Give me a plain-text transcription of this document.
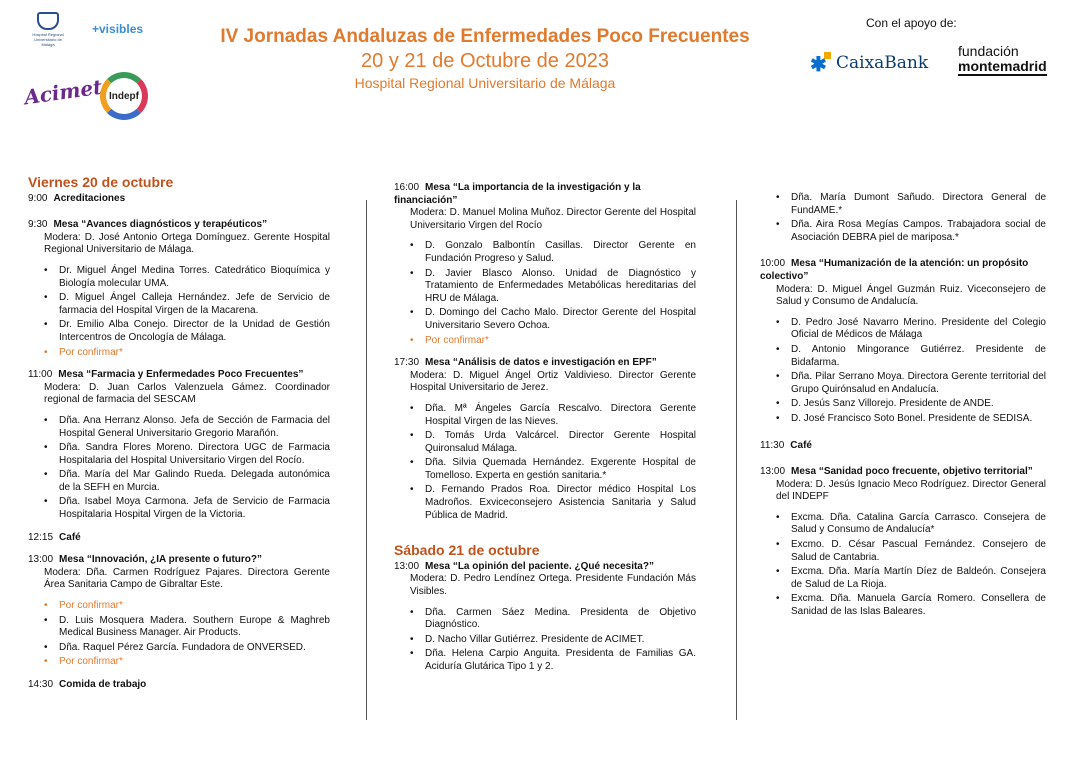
Hospital Regional Universitario de Málaga
+visibles
Acimet Indepf
IV Jornadas Andaluzas de Enfermedades Poco Frecuentes
20 y 21 de Octubre de 2023
Hospital Regional Universitario de Málaga
Con el apoyo de:
✱ CaixaBank
fundación
montemadrid
Viernes 20 de octubre
9:00 Acreditaciones
9:30 Mesa “Avances diagnósticos y terapéuticos”
Modera: D. José Antonio Ortega Domínguez. Gerente Hospital Regional Universitario de Málaga.
• Dr. Miguel Ángel Medina Torres. Catedrático Bioquímica y Biología molecular UMA.
• D. Miguel Ángel Calleja Hernández. Jefe de Servicio de farmacia del Hospital Virgen de la Macarena.
• Dr. Emilio Alba Conejo. Director de la Unidad de Gestión Intercentros de Oncología de Málaga.
• Por confirmar*
11:00 Mesa “Farmacia y Enfermedades Poco Frecuentes”
Modera: D. Juan Carlos Valenzuela Gámez. Coordinador regional de farmacia del SESCAM
• Dña. Ana Herranz Alonso. Jefa de Sección de Farmacia del Hospital General Universitario Gregorio Marañón.
• Dña. Sandra Flores Moreno. Directora UGC de Farmacia Hospitalaria del Hospital Universitario Virgen del Rocío.
• Dña. María del Mar Galindo Rueda. Delegada autonómica de la SEFH en Murcia.
• Dña. Isabel Moya Carmona. Jefa de Servicio de Farmacia Hospitalaria Hospital Virgen de la Victoria.
12:15 Café
13:00 Mesa “Innovación, ¿IA presente o futuro?”
Modera: Dña. Carmen Rodríguez Pajares. Directora Gerente Área Sanitaria Campo de Gibraltar Este.
• Por confirmar*
• D. Luis Mosquera Madera. Southern Europe & Maghreb Medical Business Manager. Air Products.
• Dña. Raquel Pérez García. Fundadora de ONVERSED.
• Por confirmar*
14:30 Comida de trabajo
16:00 Mesa “La importancia de la investigación y la financiación”
Modera: D. Manuel Molina Muñoz. Director Gerente del Hospital Universitario Virgen del Rocío
• D. Gonzalo Balbontín Casillas. Director Gerente en Fundación Progreso y Salud.
• D. Javier Blasco Alonso. Unidad de Diagnóstico y Tratamiento de Enfermedades Metabólicas hereditarias del HRU de Málaga.
• D. Domingo del Cacho Malo. Director Gerente del Hospital Universitario Severo Ochoa.
• Por confirmar*
17:30 Mesa “Análisis de datos e investigación en EPF”
Modera: D. Miguel Ángel Ortiz Valdivieso. Director Gerente Hospital Universitario de Jerez.
• Dña. Mª Ángeles García Rescalvo. Directora Gerente Hospital Virgen de las Nieves.
• D. Tomás Urda Valcárcel. Director Gerente Hospital Quironsalud Málaga.
• Dña. Silvia Quemada Hernández. Exgerente Hospital de Tomelloso. Experta en gestión sanitaria.*
• D. Fernando Prados Roa. Director médico Hospital Los Madroños. Exviceconsejero Asistencia Sanitaria y Salud Pública de Madrid.
Sábado 21 de octubre
13:00 Mesa “La opinión del paciente. ¿Qué necesita?”
Modera: D. Pedro Lendínez Ortega. Presidente Fundación Más Visibles.
• Dña. Carmen Sáez Medina. Presidenta de Objetivo Diagnóstico.
• D. Nacho Villar Gutiérrez. Presidente de ACIMET.
• Dña. Helena Carpio Anguita. Presidenta de Familias GA. Aciduría Glutárica Tipo 1 y 2.
• Dña. María Dumont Sañudo. Directora General de FundAME.*
• Dña. Aira Rosa Megías Campos. Trabajadora social de Asociación DEBRA piel de mariposa.*
10:00 Mesa “Humanización de la atención: un propósito colectivo”
Modera: D. Miguel Ángel Guzmán Ruiz. Viceconsejero de Salud y Consumo de Andalucía.
• D. Pedro José Navarro Merino. Presidente del Colegio Oficial de Médicos de Málaga
• D. Antonio Mingorance Gutiérrez. Presidente de Bidafarma.
• Dña. Pilar Serrano Moya. Directora Gerente territorial del Grupo Quirónsalud en Andalucía.
• D. Jesús Sanz Villorejo. Presidente de ANDE.
• D. José Francisco Soto Bonel. Presidente de SEDISA.
11:30 Café
13:00 Mesa “Sanidad poco frecuente, objetivo territorial”
Modera: D. Jesús Ignacio Meco Rodríguez. Director General del INDEPF
• Excma. Dña. Catalina García Carrasco. Consejera de Salud y Consumo de Andalucía*
• Excmo. D. César Pascual Fernández. Consejero de Salud de Cantabria.
• Excma. Dña. María Martín Díez de Baldeón. Consejera de Salud de La Rioja.
• Excma. Dña. Manuela García Romero. Consellera de Sanidad de las Islas Baleares.
